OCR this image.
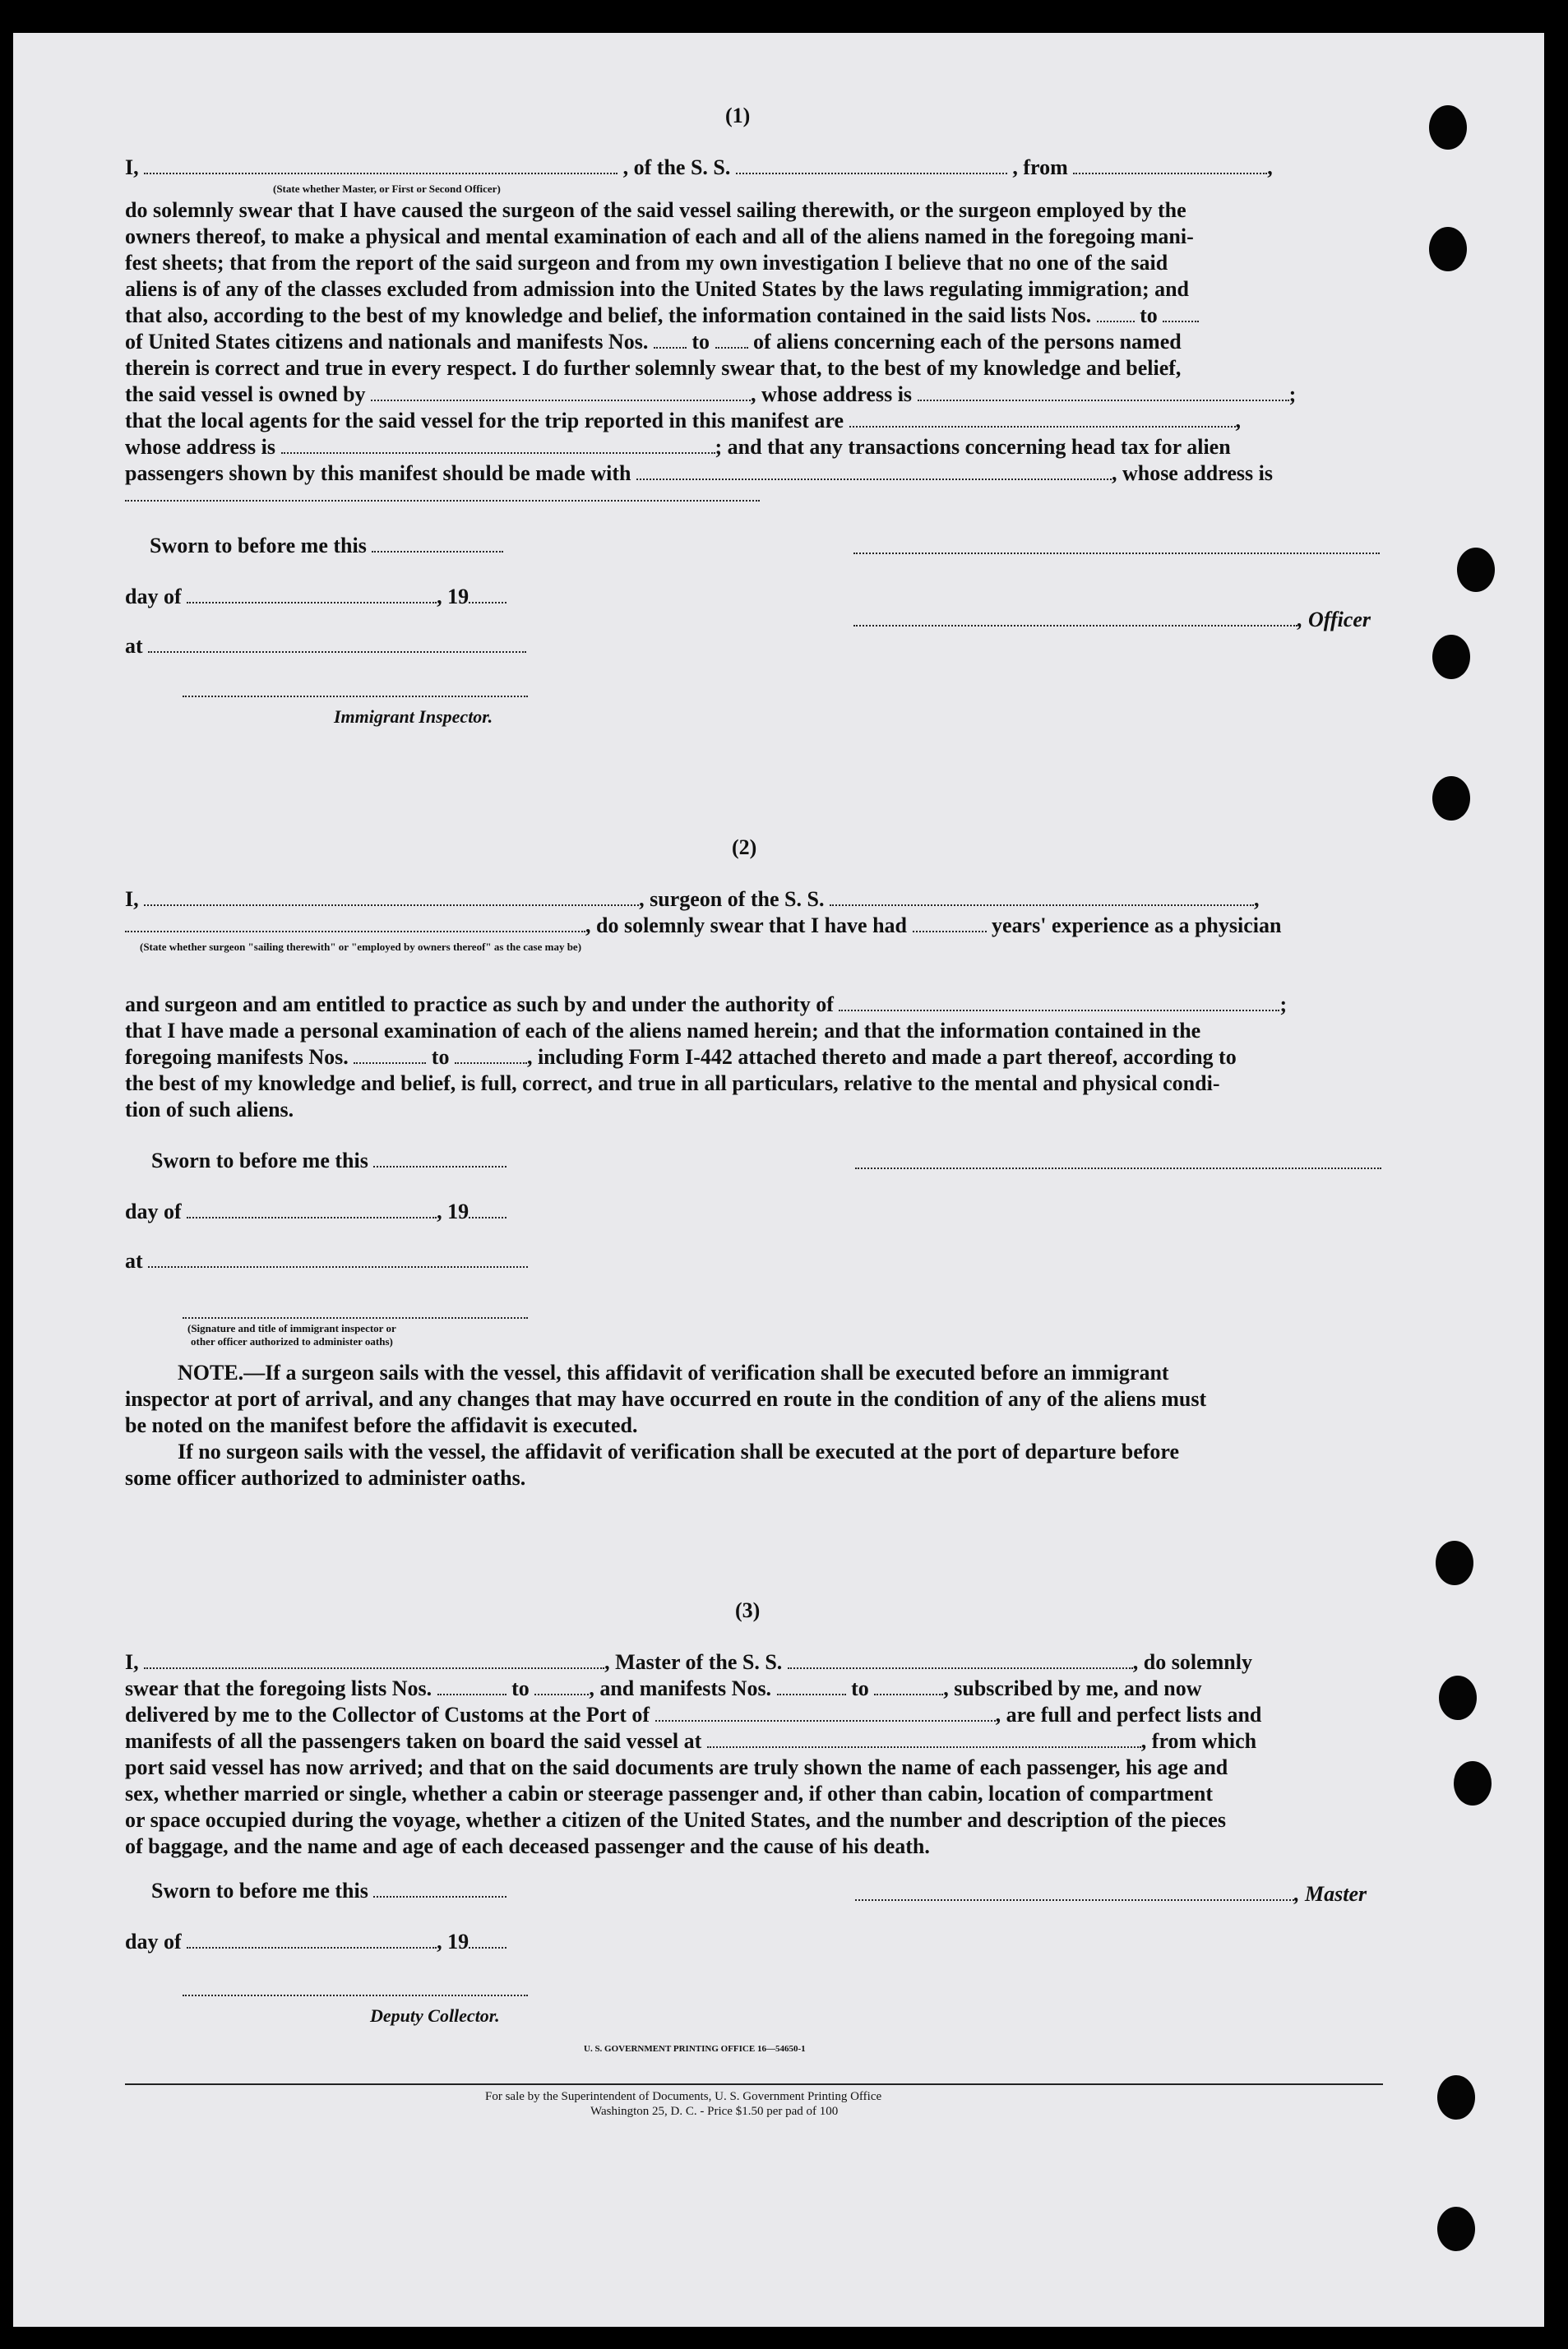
(1)
I,	, of the S. S.	, from	,
(State whether Master, or First or Second Officer)
do solemnly swear that I have caused the surgeon of the said vessel sailing therewith, or the surgeon employed by the
owners thereof, to make a physical and mental examination of each and all of the aliens named in the foregoing mani-
fest sheets; that from the report of the said surgeon and from my own investigation I believe that no one of the said
aliens is of any of the classes excluded from admission into the United States by the laws regulating immigration; and
that also, according to the best of my knowledge and belief, the information contained in the said lists Nos. to
of United States citizens and nationals and manifests Nos. to of aliens concerning each of the persons named
therein is correct and true in every respect. I do further solemnly swear that, to the best of my knowledge and belief,
the said vessel is owned by	, whose address is	;
that the local agents for the said vessel for the trip reported in this manifest are	,
whose address is	; and that any transactions concerning head tax for alien
passengers shown by this manifest should be made with	, whose address is
Sworn to before me this
day of	, 19
, Officer
at
Immigrant Inspector.
(2)
I,	, surgeon of the S. S.	,
, do solemnly swear that I have had	years' experience as a physician
(State whether surgeon "sailing therewith" or "employed by owners thereof" as the case may be)
and surgeon and am entitled to practice as such by and under the authority of	;
that I have made a personal examination of each of the aliens named herein; and that the information contained in the
foregoing manifests Nos.	to	, including Form I-442 attached thereto and made a part thereof, according to
the best of my knowledge and belief, is full, correct, and true in all particulars, relative to the mental and physical condi-
tion of such aliens.
Sworn to before me this
day of	, 19
at
(Signature and title of immigrant inspector or
other officer authorized to administer oaths)
NOTE.—If a surgeon sails with the vessel, this affidavit of verification shall be executed before an immigrant
inspector at port of arrival, and any changes that may have occurred en route in the condition of any of the aliens must
be noted on the manifest before the affidavit is executed.
If no surgeon sails with the vessel, the affidavit of verification shall be executed at the port of departure before
some officer authorized to administer oaths.
(3)
I,	, Master of the S. S.	, do solemnly
swear that the foregoing lists Nos.	to	, and manifests Nos.	to	, subscribed by me, and now
delivered by me to the Collector of Customs at the Port of	, are full and perfect lists and
manifests of all the passengers taken on board the said vessel at	, from which
port said vessel has now arrived; and that on the said documents are truly shown the name of each passenger, his age and
sex, whether married or single, whether a cabin or steerage passenger and, if other than cabin, location of compartment
or space occupied during the voyage, whether a citizen of the United States, and the number and description of the pieces
of baggage, and the name and age of each deceased passenger and the cause of his death.
Sworn to before me this	, Master
day of	, 19
Deputy Collector.
U. S. GOVERNMENT PRINTING OFFICE 16—54650-1
For sale by the Superintendent of Documents, U. S. Government Printing Office
Washington 25, D. C. - Price $1.50 per pad of 100
